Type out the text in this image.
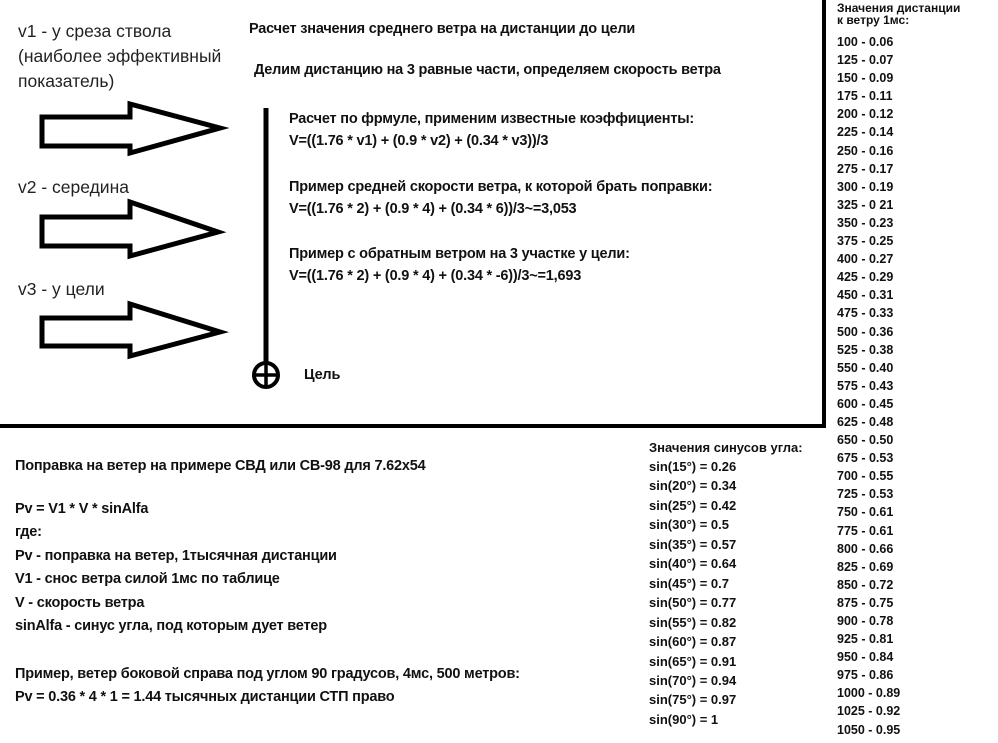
v1 - у среза ствола
(наиболее эффективный
показатель)
v2 - середина
v3 - у цели
Расчет значения среднего ветра на дистанции до цели
Делим дистанцию на 3 равные части, определяем скорость ветра
Расчет по фрмуле, применим известные коэффициенты:
V=((1.76 * v1) + (0.9 * v2) + (0.34 * v3))/3
Пример средней скорости ветра, к которой брать поправки:
V=((1.76 * 2) + (0.9 * 4) + (0.34 * 6))/3~=3,053
Пример с обратным ветром на 3 участке у цели:
V=((1.76 * 2) + (0.9 * 4) + (0.34 * -6))/3~=1,693
Цель
Поправка на ветер на примере СВД или СВ-98 для 7.62x54
Pv = V1 * V * sinAlfa
где:
Pv - поправка на ветер, 1тысячная дистанции
V1 - снос ветра силой 1мс по таблице
V - скорость ветра
sinAlfa - синус угла, под которым дует ветер
Пример, ветер боковой справа под углом 90 градусов, 4мс, 500 метров:
Pv = 0.36 * 4 * 1 = 1.44 тысячных дистанции СТП право
Значения синусов угла:
sin(15°) = 0.26
sin(20°) = 0.34
sin(25°) = 0.42
sin(30°) = 0.5
sin(35°) = 0.57
sin(40°) = 0.64
sin(45°) = 0.7
sin(50°) = 0.77
sin(55°) = 0.82
sin(60°) = 0.87
sin(65°) = 0.91
sin(70°) = 0.94
sin(75°) = 0.97
sin(90°) = 1
Значения дистанции
к ветру 1мс:
100 - 0.06
125 - 0.07
150 - 0.09
175 - 0.11
200 - 0.12
225 - 0.14
250 - 0.16
275 - 0.17
300 - 0.19
325 - 0 21
350 - 0.23
375 - 0.25
400 - 0.27
425 - 0.29
450 - 0.31
475 - 0.33
500 - 0.36
525 - 0.38
550 - 0.40
575 - 0.43
600 - 0.45
625 - 0.48
650 - 0.50
675 - 0.53
700 - 0.55
725 - 0.53
750 - 0.61
775 - 0.61
800 - 0.66
825 - 0.69
850 - 0.72
875 - 0.75
900 - 0.78
925 - 0.81
950 - 0.84
975 - 0.86
1000 - 0.89
1025 - 0.92
1050 - 0.95
